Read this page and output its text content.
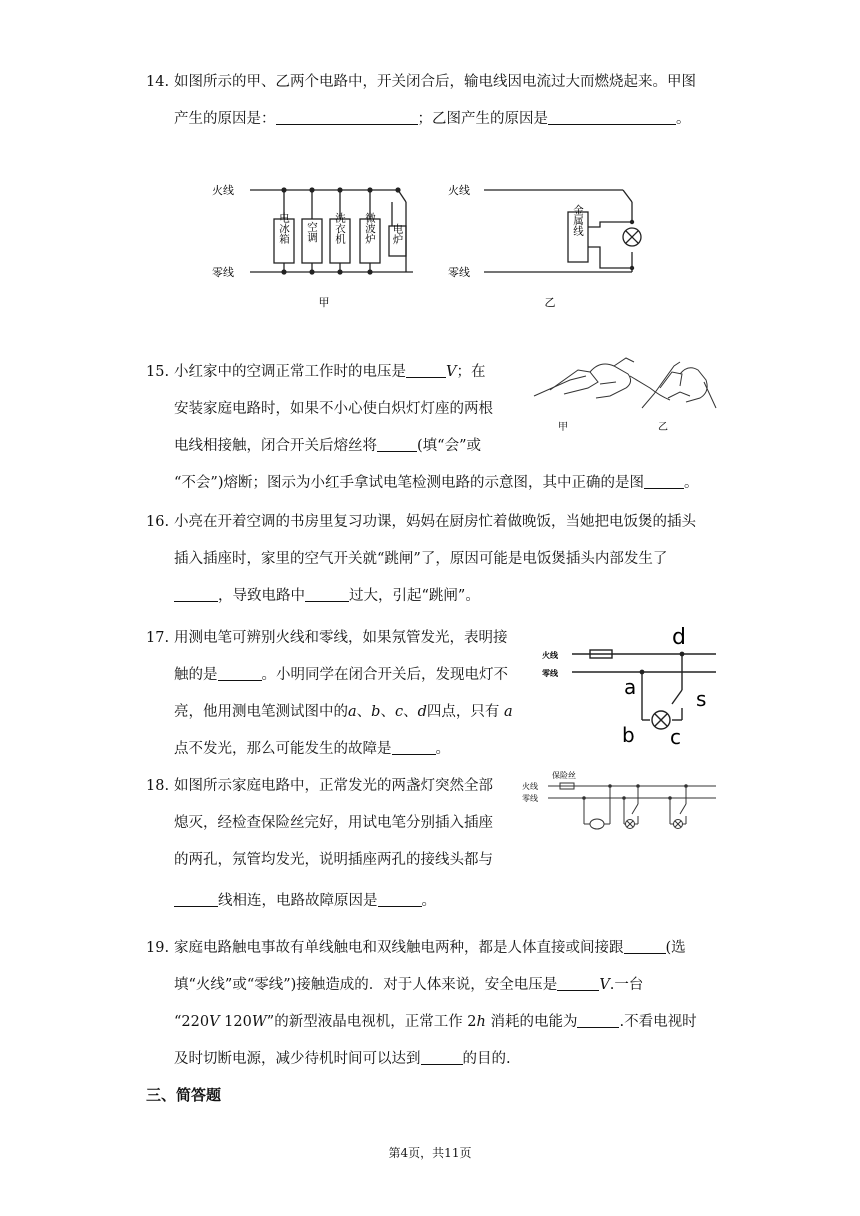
14. 如图所示的甲、乙两个电路中，开关闭合后，输电线因电流过大而燃烧起来。甲图
产生的原因是：	；乙图产生的原因是	。
火线
零线
火线
零线
电冰箱 空调 洗衣机 微波炉 电炉	金属线
甲	乙
15. 小红家中的空调正常工作时的电压是	V；在
安装家庭电路时，如果不小心使白炽灯灯座的两根
电线相接触，闭合开关后熔丝将	(填“会”或
“不会”)熔断；图示为小红手拿试电笔检测电路的示意图，其中正确的是图	。
甲	乙
16. 小亮在开着空调的书房里复习功课，妈妈在厨房忙着做晚饭，当她把电饭煲的插头
插入插座时，家里的空气开关就“跳闸”了，原因可能是电饭煲插头内部发生了
，导致电路中	过大，引起“跳闸”。
17. 用测电笔可辨别火线和零线，如果氖管发光，表明接
触的是	。小明同学在闭合开关后，发现电灯不
亮，他用测电笔测试图中的a、b、c、d四点，只有 a
点不发光，那么可能发生的故障是	。
火线
零线
d
a
b c
s
18. 如图所示家庭电路中，正常发光的两盏灯突然全部
熄灭，经检查保险丝完好，用试电笔分别插入插座
的两孔，氖管均发光，说明插座两孔的接线头都与
线相连，电路故障原因是	。
保险丝
火线
零线
19. 家庭电路触电事故有单线触电和双线触电两种，都是人体直接或间接跟	(选
填“火线”或“零线”)接触造成的．对于人体来说，安全电压是	V.一台
“220V 120W”的新型液晶电视机，正常工作 2h 消耗的电能为	.不看电视时
及时切断电源，减少待机时间可以达到	的目的.
三、简答题
第4页，共11页
